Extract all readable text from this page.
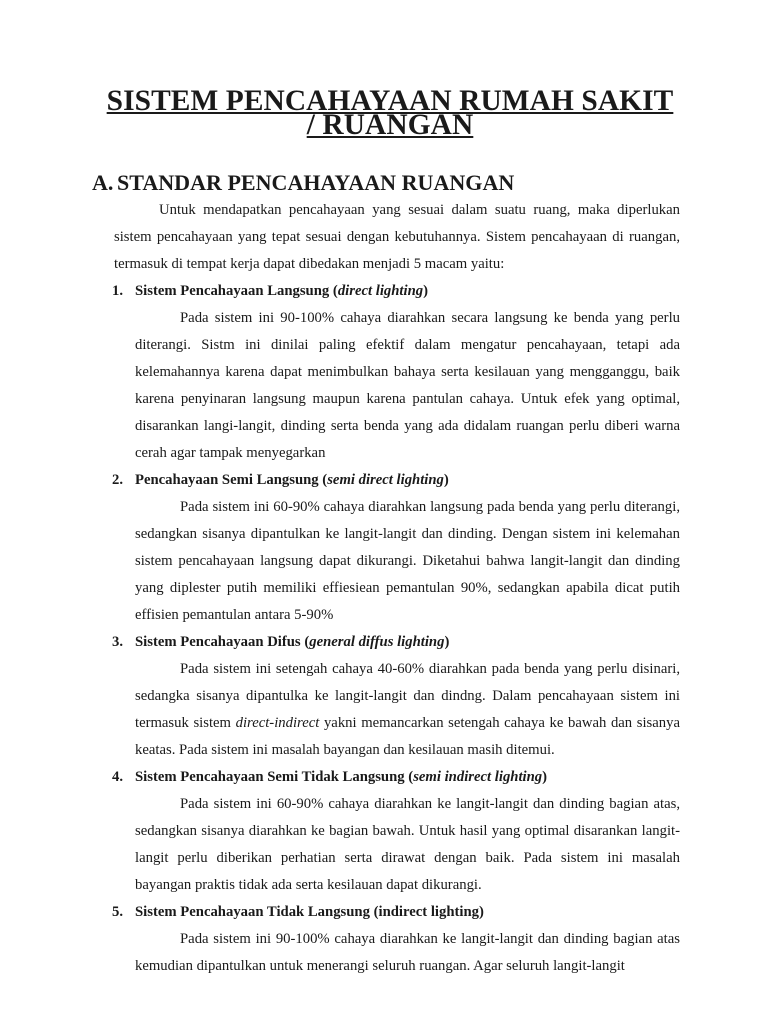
SISTEM PENCAHAYAAN RUMAH SAKIT / RUANGAN
A. STANDAR PENCAHAYAAN RUANGAN

Untuk mendapatkan pencahayaan yang sesuai dalam suatu ruang, maka diperlukan sistem pencahayaan yang tepat sesuai dengan kebutuhannya. Sistem pencahayaan di ruangan, termasuk di tempat kerja dapat dibedakan menjadi 5 macam yaitu:

1. Sistem Pencahayaan Langsung (direct lighting)

Pada sistem ini 90-100% cahaya diarahkan secara langsung ke benda yang perlu diterangi. Sistm ini dinilai paling efektif dalam mengatur pencahayaan, tetapi ada kelemahannya karena dapat menimbulkan bahaya serta kesilauan yang mengganggu, baik karena penyinaran langsung maupun karena pantulan cahaya. Untuk efek yang optimal, disarankan langi-langit, dinding serta benda yang ada didalam ruangan perlu diberi warna cerah agar tampak menyegarkan

2. Pencahayaan Semi Langsung (semi direct lighting)

Pada sistem ini 60-90% cahaya diarahkan langsung pada benda yang perlu diterangi, sedangkan sisanya dipantulkan ke langit-langit dan dinding. Dengan sistem ini kelemahan sistem pencahayaan langsung dapat dikurangi. Diketahui bahwa langit-langit dan dinding yang diplester putih memiliki effiesiean pemantulan 90%, sedangkan apabila dicat putih effisien pemantulan antara 5-90%

3. Sistem Pencahayaan Difus (general diffus lighting)

Pada sistem ini setengah cahaya 40-60% diarahkan pada benda yang perlu disinari, sedangka sisanya dipantulka ke langit-langit dan dindng. Dalam pencahayaan sistem ini termasuk sistem direct-indirect yakni memancarkan setengah cahaya ke bawah dan sisanya keatas. Pada sistem ini masalah bayangan dan kesilauan masih ditemui.

4. Sistem Pencahayaan Semi Tidak Langsung (semi indirect lighting)

Pada sistem ini 60-90% cahaya diarahkan ke langit-langit dan dinding bagian atas, sedangkan sisanya diarahkan ke bagian bawah. Untuk hasil yang optimal disarankan langit-langit perlu diberikan perhatian serta dirawat dengan baik. Pada sistem ini masalah bayangan praktis tidak ada serta kesilauan dapat dikurangi.

5. Sistem Pencahayaan Tidak Langsung (indirect lighting)

Pada sistem ini 90-100% cahaya diarahkan ke langit-langit dan dinding bagian atas kemudian dipantulkan untuk menerangi seluruh ruangan. Agar seluruh langit-langit
